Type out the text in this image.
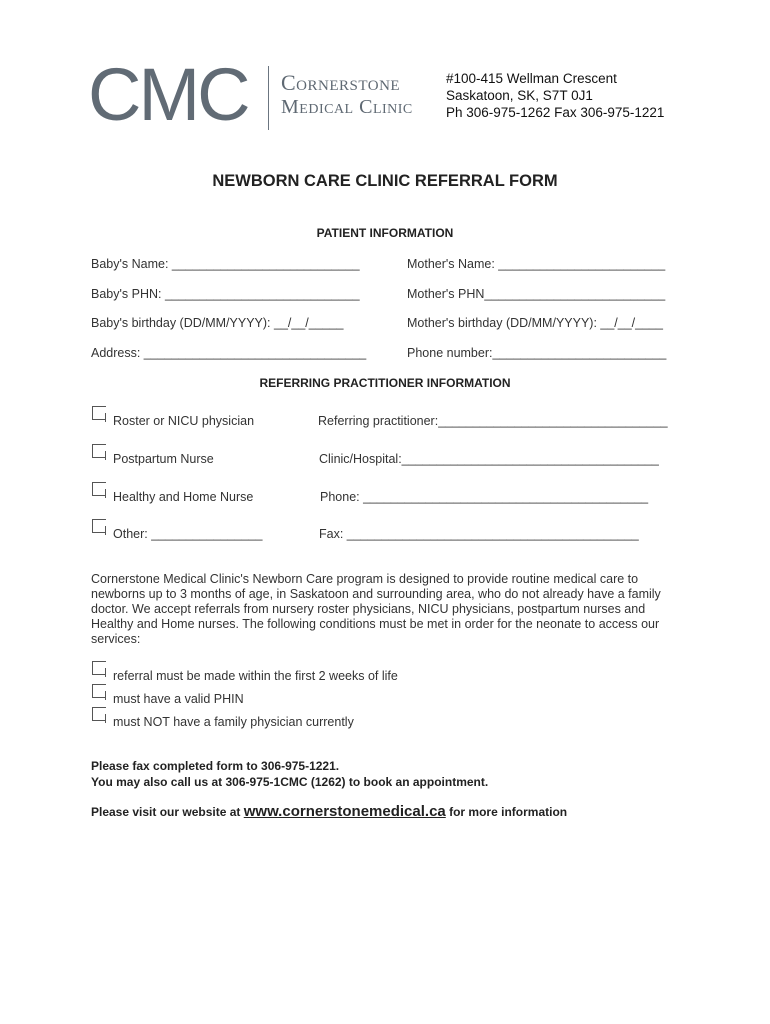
CMC Cornerstone
Medical Clinic
#100-415 Wellman Crescent
Saskatoon, SK, S7T 0J1
Ph 306-975-1262 Fax 306-975-1221
NEWBORN CARE CLINIC REFERRAL FORM
PATIENT INFORMATION
Baby's Name: ___________________________	Mother's Name: ________________________
Baby's PHN: ____________________________	Mother's PHN__________________________
Baby's birthday (DD/MM/YYYY): __/__/_____	Mother's birthday (DD/MM/YYYY): __/__/____
Address: ________________________________	Phone number:_________________________
REFERRING PRACTITIONER INFORMATION
Roster or NICU physician	Referring practitioner:_________________________________
Postpartum Nurse	Clinic/Hospital:_____________________________________
Healthy and Home Nurse	Phone: _________________________________________
Other: ________________	Fax: __________________________________________
Cornerstone Medical Clinic's Newborn Care program is designed to provide routine medical care to newborns up to 3 months of age, in Saskatoon and surrounding area, who do not already have a family doctor. We accept referrals from nursery roster physicians, NICU physicians, postpartum nurses and Healthy and Home nurses. The following conditions must be met in order for the neonate to access our services:
referral must be made within the first 2 weeks of life
must have a valid PHIN
must NOT have a family physician currently
Please fax completed form to 306-975-1221.
You may also call us at 306-975-1CMC (1262) to book an appointment.
Please visit our website at www.cornerstonemedical.ca for more information
